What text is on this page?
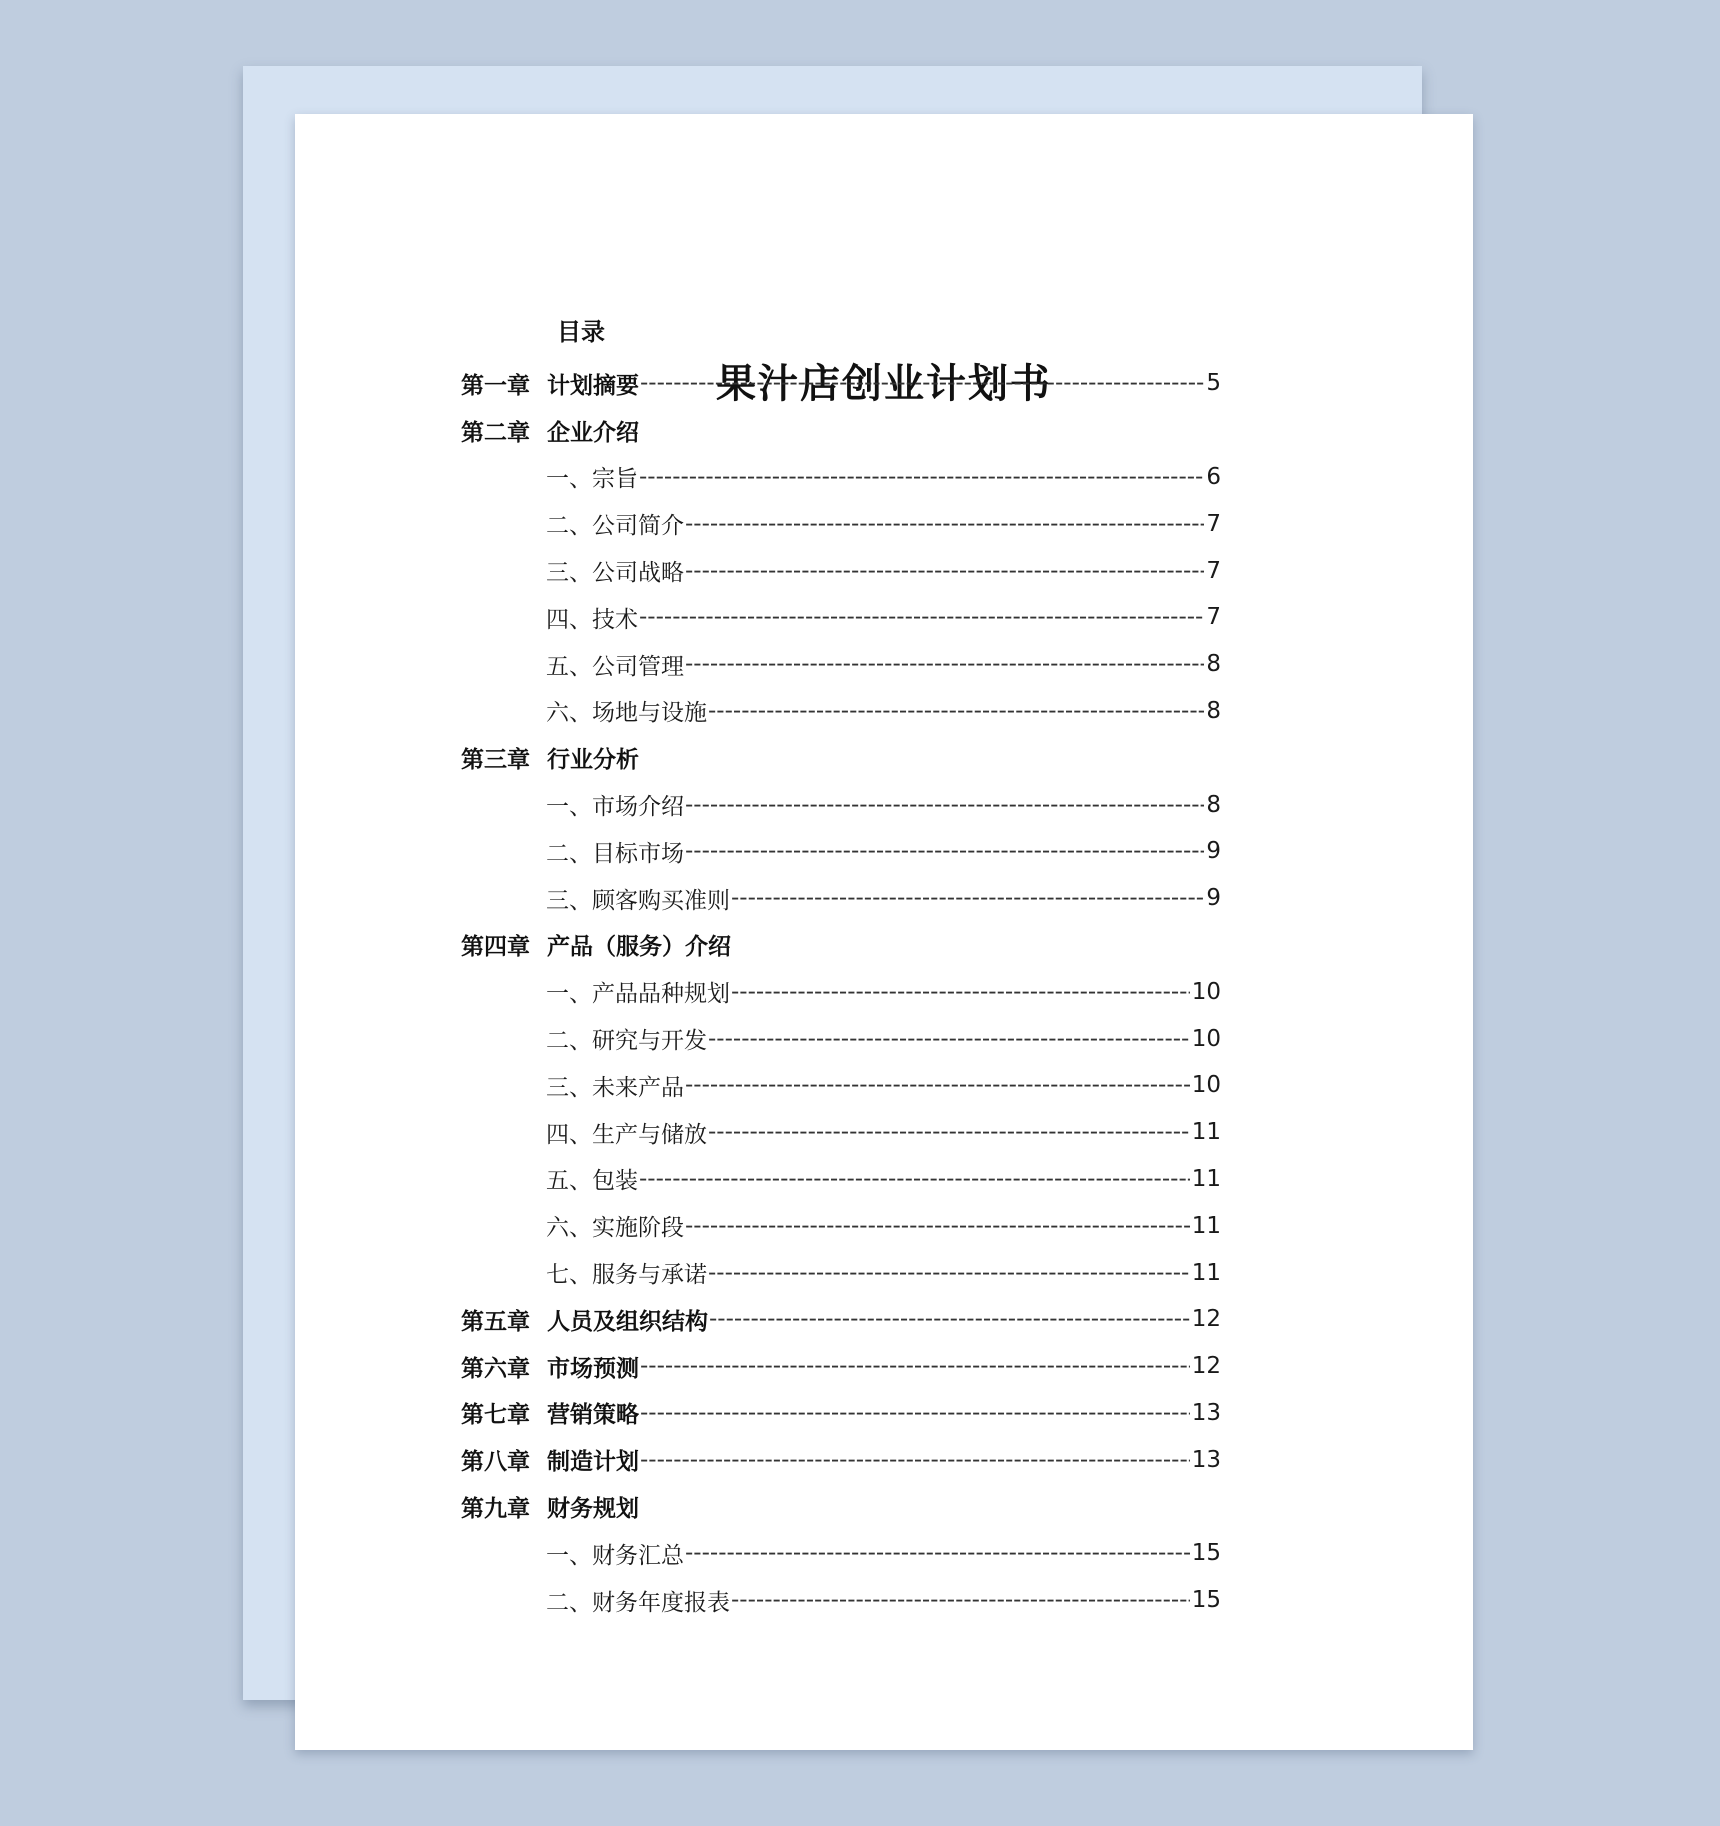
果汁店创业计划书
目录
第一章 计划摘要 -----	5
第二章 企业介绍
一、宗旨 -----	6
二、公司简介 -----	7
三、公司战略 -----	7
四、技术 -----	7
五、公司管理 -----	8
六、场地与设施 -----	8
第三章 行业分析
一、市场介绍 -----	8
二、目标市场 -----	9
三、顾客购买准则 -----	9
第四章 产品（服务）介绍
一、产品品种规划 -----	10
二、研究与开发 -----	10
三、未来产品 -----	10
四、生产与储放 -----	11
五、包装 -----	11
六、实施阶段 -----	11
七、服务与承诺 -----	11
第五章 人员及组织结构 -----	12
第六章 市场预测 -----	12
第七章 营销策略 -----	13
第八章 制造计划 -----	13
第九章 财务规划
一、财务汇总 -----	15
二、财务年度报表 -----	15
